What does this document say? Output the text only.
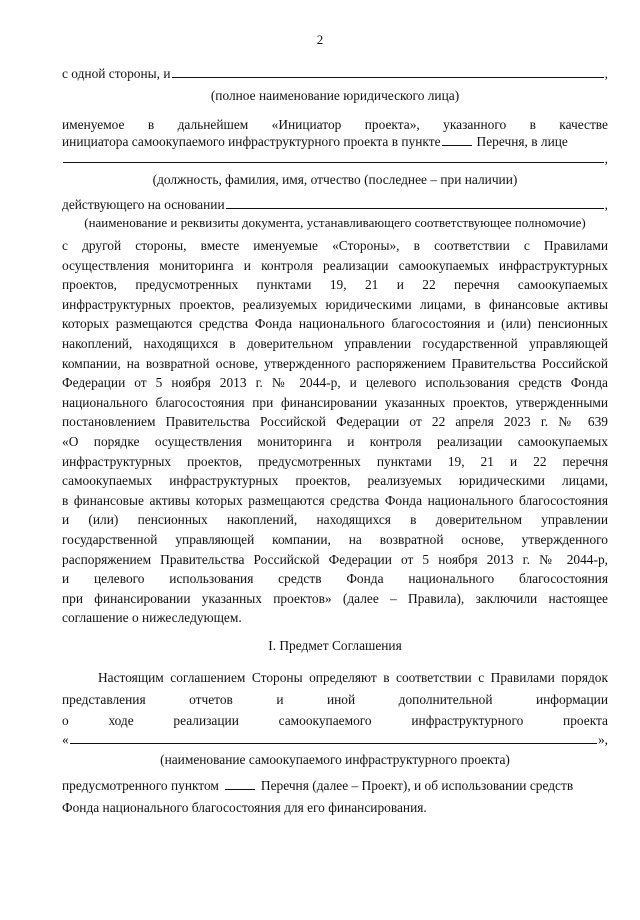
2
с одной стороны, и	,
(полное наименование юридического лица)
именуемое в дальнейшем «Инициатор проекта», указанного в качестве
инициатора самоокупаемого инфраструктурного проекта в пункте	Перечня, в лице
,
(должность, фамилия, имя, отчество (последнее – при наличии)
действующего на основании	,
(наименование и реквизиты документа, устанавливающего соответствующее полномочие)
с другой стороны, вместе именуемые «Стороны», в соответствии с Правилами
осуществления мониторинга и контроля реализации самоокупаемых инфраструктурных
проектов, предусмотренных пунктами 19, 21 и 22 перечня самоокупаемых
инфраструктурных проектов, реализуемых юридическими лицами, в финансовые активы
которых размещаются средства Фонда национального благосостояния и (или) пенсионных
накоплений, находящихся в доверительном управлении государственной управляющей
компании, на возвратной основе, утвержденного распоряжением Правительства Российской
Федерации от 5 ноября 2013 г. № 2044-р, и целевого использования средств Фонда
национального благосостояния при финансировании указанных проектов, утвержденными
постановлением Правительства Российской Федерации от 22 апреля 2023 г. № 639
«О порядке осуществления мониторинга и контроля реализации самоокупаемых
инфраструктурных проектов, предусмотренных пунктами 19, 21 и 22 перечня
самоокупаемых инфраструктурных проектов, реализуемых юридическими лицами,
в финансовые активы которых размещаются средства Фонда национального благосостояния
и (или) пенсионных накоплений, находящихся в доверительном управлении
государственной управляющей компании, на возвратной основе, утвержденного
распоряжением Правительства Российской Федерации от 5 ноября 2013 г. № 2044-р,
и целевого использования средств Фонда национального благосостояния
при финансировании указанных проектов» (далее – Правила), заключили настоящее
соглашение о нижеследующем.
I. Предмет Соглашения
Настоящим соглашением Стороны определяют в соответствии с Правилами порядок
представления отчетов и иной дополнительной информации
о ходе реализации самоокупаемого инфраструктурного проекта
«	»,
(наименование самоокупаемого инфраструктурного проекта)
предусмотренного пунктом	Перечня (далее – Проект), и об использовании средств
Фонда национального благосостояния для его финансирования.
